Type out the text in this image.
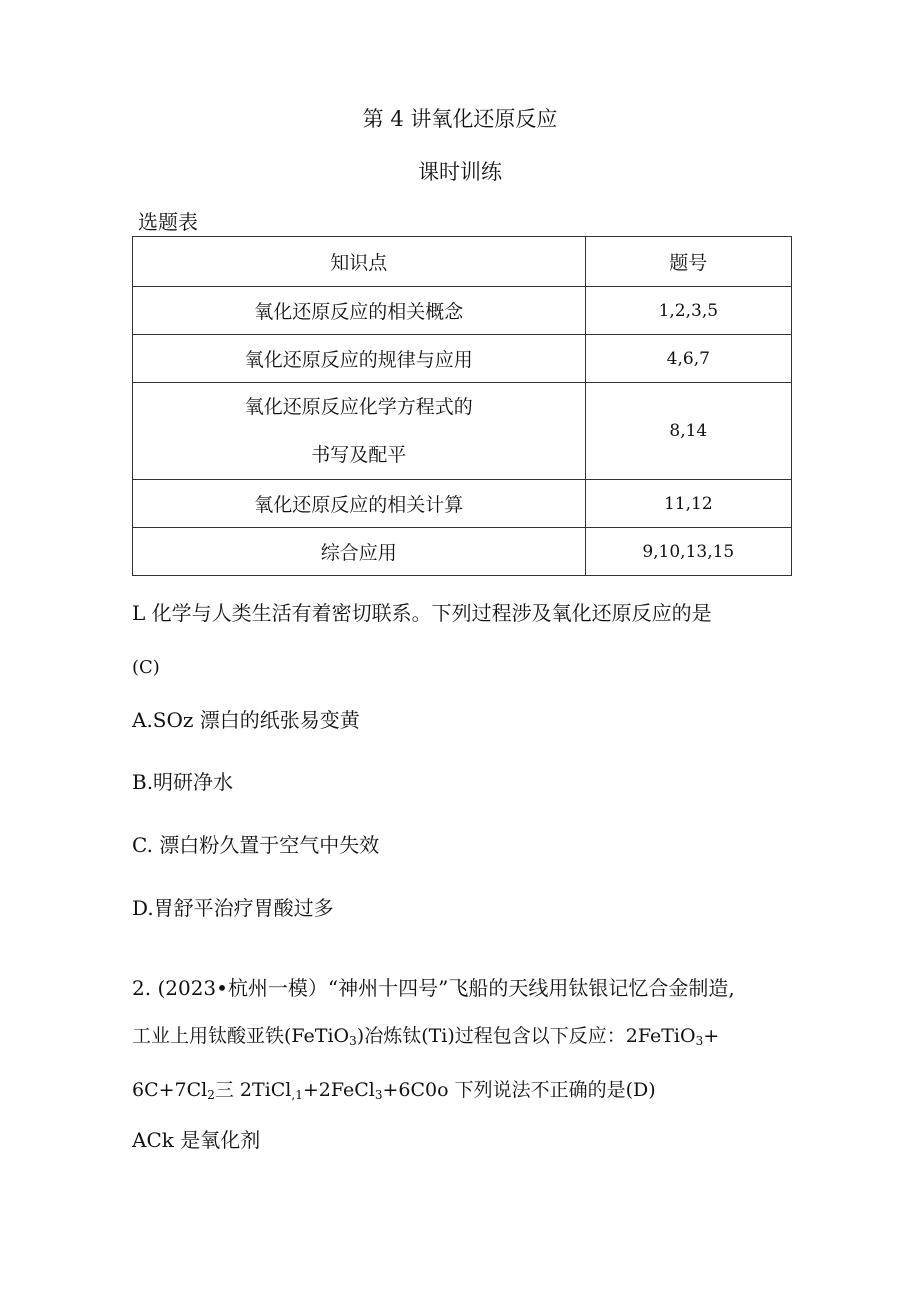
第 4 讲氧化还原反应
课时训练
选题表
知识点	题号
氧化还原反应的相关概念	1,2,3,5
氧化还原反应的规律与应用	4,6,7

氧化还原反应化学方程式的
书写及配平	8,14
氧化还原反应的相关计算	11,12
综合应用	9,10,13,15
L 化学与人类生活有着密切联系。下列过程涉及氧化还原反应的是
(C)
A.SOz 漂白的纸张易变黄
B.明研净水
C. 漂白粉久置于空气中失效
D.胃舒平治疗胃酸过多
2. (2023•杭州一模）“神州十四号”飞船的天线用钛银记忆合金制造,
工业上用钛酸亚铁(FeTiO$_3$)冶炼钛(Ti)过程包含以下反应：2FeTiO$_3$+
$6C+7Cl_2$三 2TiCl$_{,1}$+2FeCl$_3$+6C0o 下列说法不正确的是(D)
ACk 是氧化剂
